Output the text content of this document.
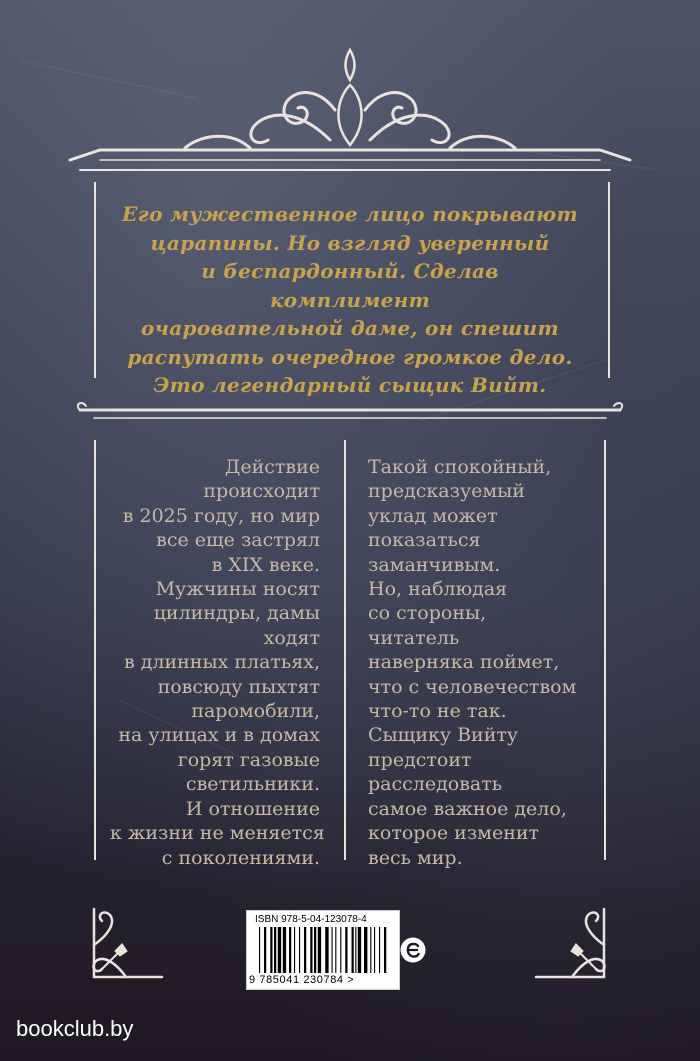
Его мужественное лицо покрывают
царапины. Но взгляд уверенный
и беспардонный. Сделав комплимент
очаровательной даме, он спешит
распутать очередное громкое дело.
Это легендарный сыщик Вийт.
Действие
происходит
в 2025 году, но мир
все еще застрял
в XIX веке.
Мужчины носят
цилиндры, дамы
ходят
в длинных платьях,
повсюду пыхтят
паромобили,
на улицах и в домах
горят газовые
светильники.
И отношение
к жизни не меняется
с поколениями.
Такой спокойный,
предсказуемый
уклад может
показаться
заманчивым.
Но, наблюдая
со стороны,
читатель
наверняка поймет,
что с человечеством
что-то не так.
Сыщику Вийту
предстоит
расследовать
самое важное дело,
которое изменит
весь мир.
ISBN 978-5-04-123078-4
9 785041 230784 >
bookclub.by
